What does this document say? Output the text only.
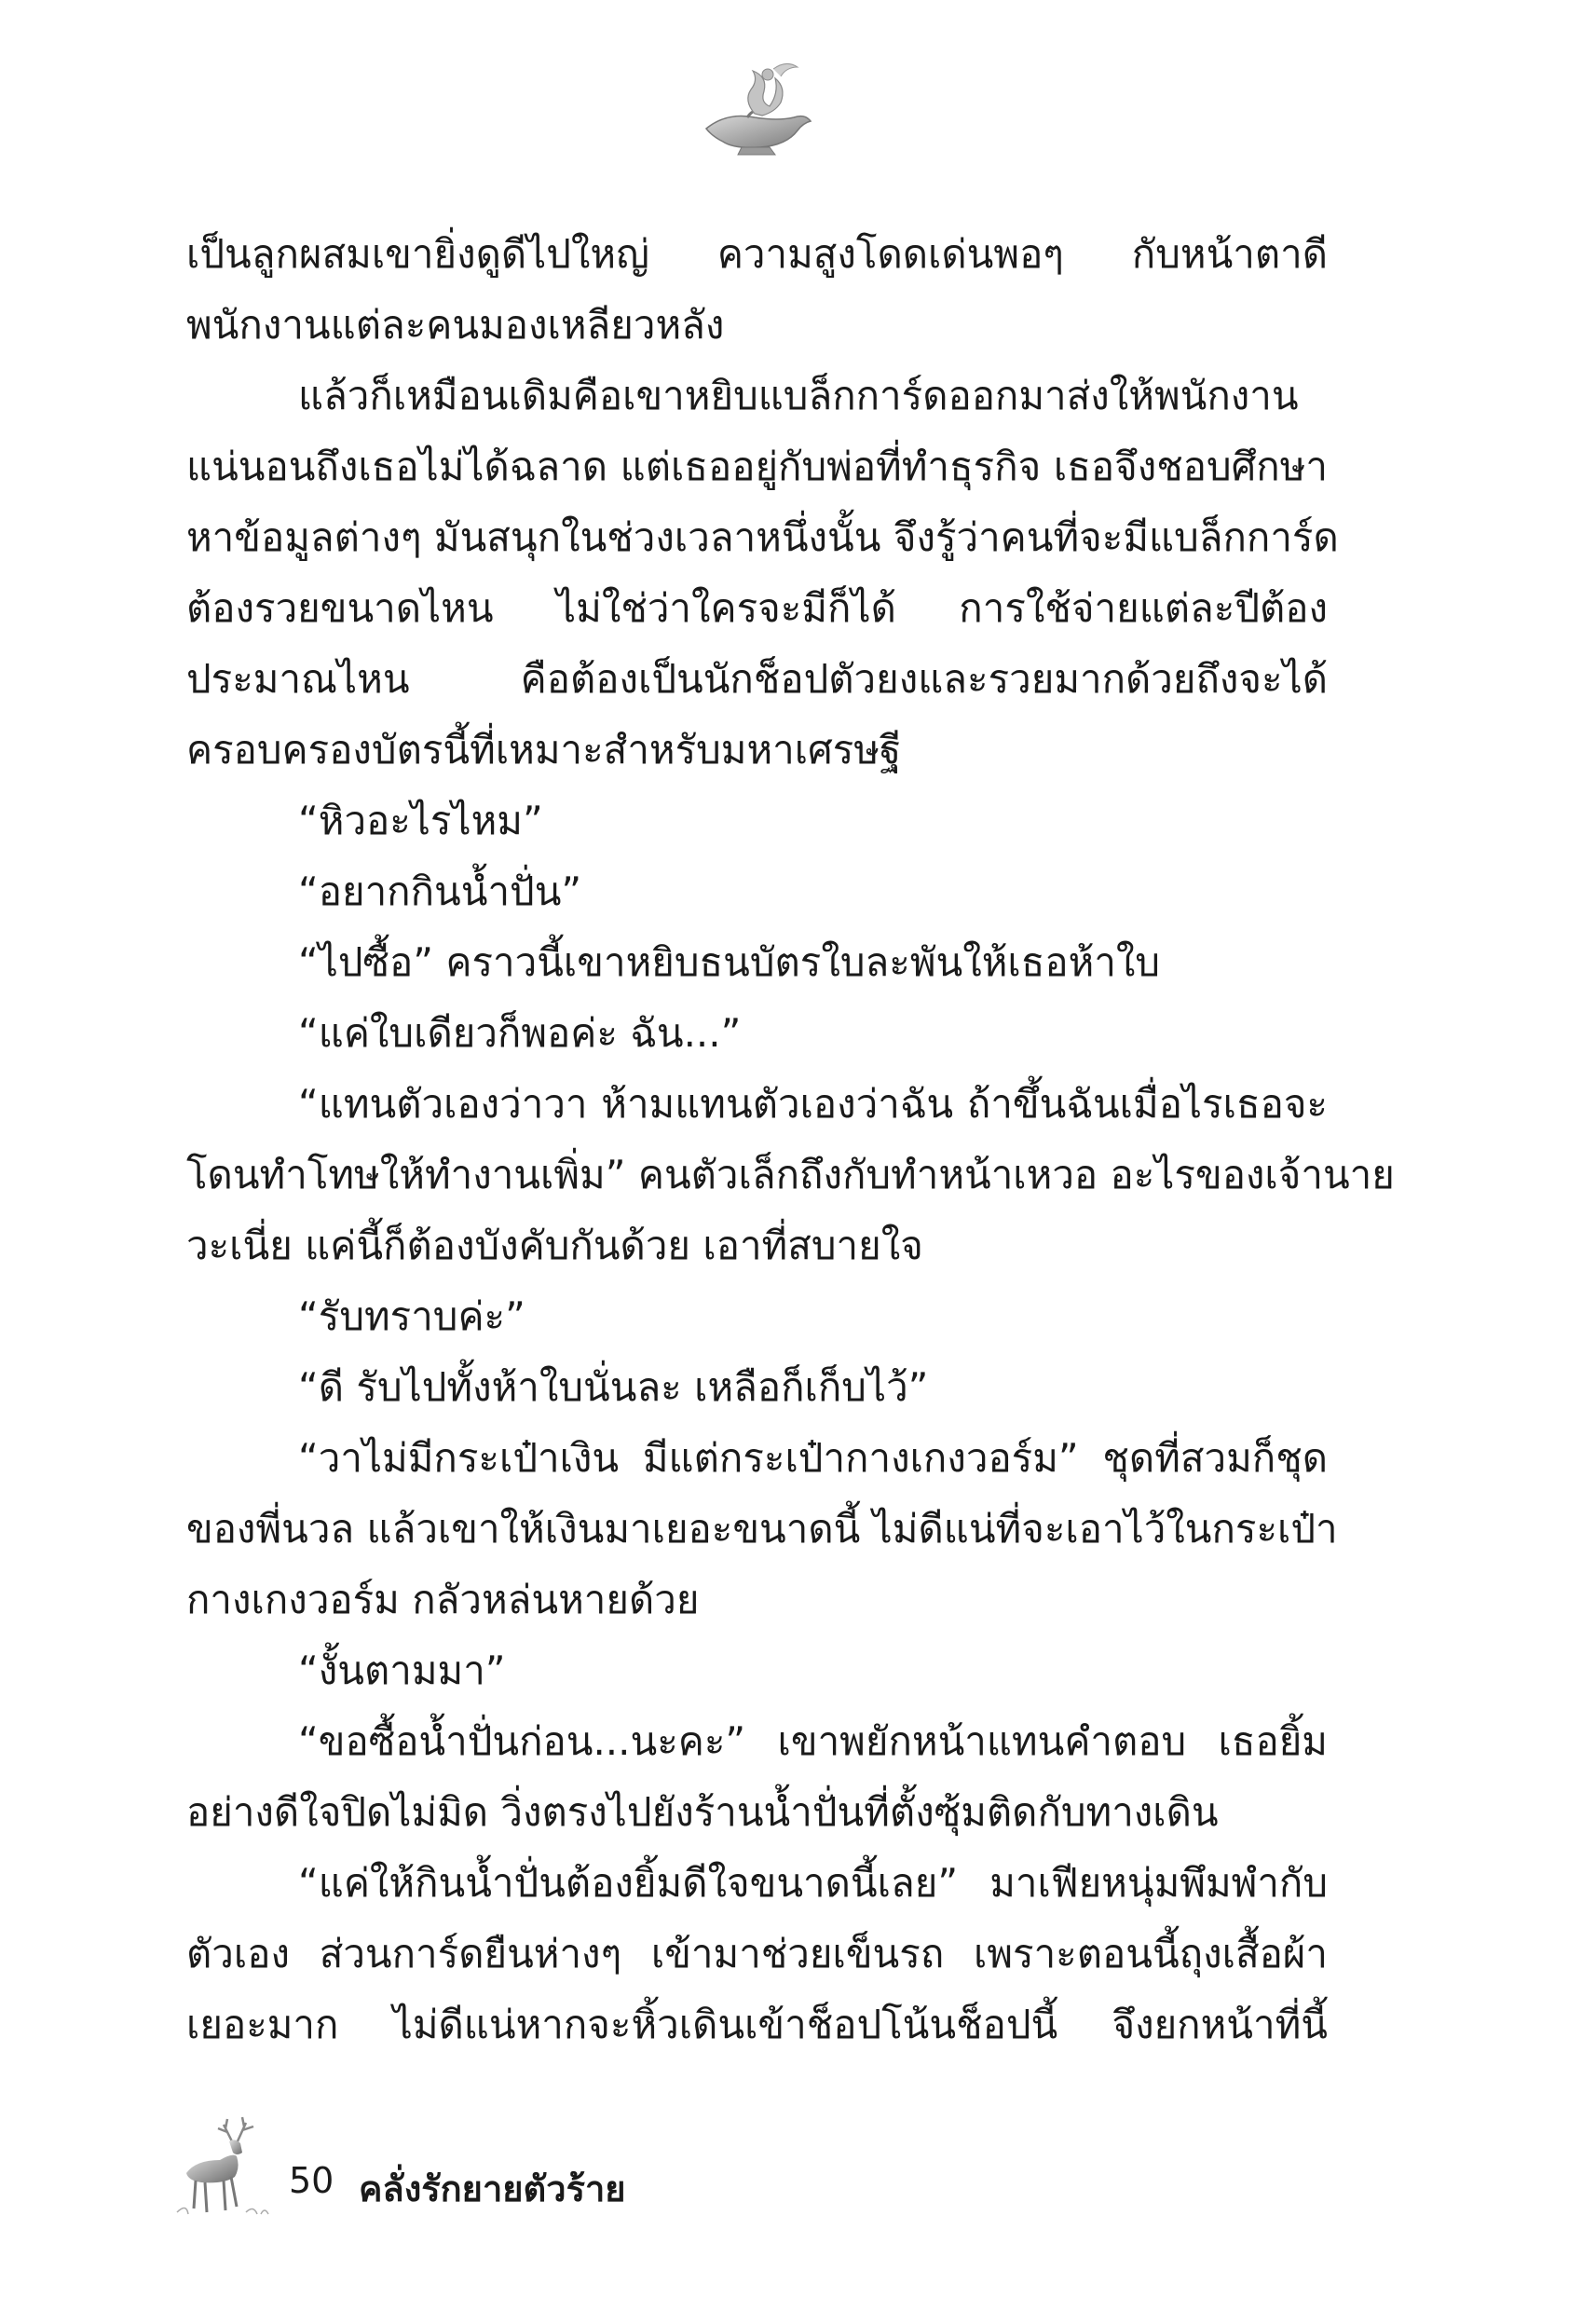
เป็นลูกผสมเขายิ่งดูดีไปใหญ่ ความสูงโดดเด่นพอๆ กับหน้าตาดี
พนักงานแต่ละคนมองเหลียวหลัง
แล้วก็เหมือนเดิมคือเขาหยิบแบล็กการ์ดออกมาส่งให้พนักงาน
แน่นอนถึงเธอไม่ได้ฉลาด แต่เธออยู่กับพ่อที่ทำธุรกิจ เธอจึงชอบศึกษา
หาข้อมูลต่างๆ มันสนุกในช่วงเวลาหนึ่งนั้น จึงรู้ว่าคนที่จะมีแบล็กการ์ด
ต้องรวยขนาดไหน ไม่ใช่ว่าใครจะมีก็ได้ การใช้จ่ายแต่ละปีต้อง
ประมาณไหน คือต้องเป็นนักช็อปตัวยงและรวยมากด้วยถึงจะได้
ครอบครองบัตรนี้ที่เหมาะสำหรับมหาเศรษฐี
“หิวอะไรไหม”
“อยากกินน้ำปั่น”
“ไปซื้อ” คราวนี้เขาหยิบธนบัตรใบละพันให้เธอห้าใบ
“แค่ใบเดียวก็พอค่ะ ฉัน...”
“แทนตัวเองว่าวา ห้ามแทนตัวเองว่าฉัน ถ้าขึ้นฉันเมื่อไรเธอจะ
โดนทำโทษให้ทำงานเพิ่ม” คนตัวเล็กถึงกับทำหน้าเหวอ อะไรของเจ้านาย
วะเนี่ย แค่นี้ก็ต้องบังคับกันด้วย เอาที่สบายใจ
“รับทราบค่ะ”
“ดี รับไปทั้งห้าใบนั่นละ เหลือก็เก็บไว้”
“วาไม่มีกระเป๋าเงิน มีแต่กระเป๋ากางเกงวอร์ม” ชุดที่สวมก็ชุด
ของพี่นวล แล้วเขาให้เงินมาเยอะขนาดนี้ ไม่ดีแน่ที่จะเอาไว้ในกระเป๋า
กางเกงวอร์ม กลัวหล่นหายด้วย
“งั้นตามมา”
“ขอซื้อน้ำปั่นก่อน...นะคะ” เขาพยักหน้าแทนคำตอบ เธอยิ้ม
อย่างดีใจปิดไม่มิด วิ่งตรงไปยังร้านน้ำปั่นที่ตั้งซุ้มติดกับทางเดิน
“แค่ให้กินน้ำปั่นต้องยิ้มดีใจขนาดนี้เลย” มาเฟียหนุ่มพึมพำกับ
ตัวเอง ส่วนการ์ดยืนห่างๆ เข้ามาช่วยเข็นรถ เพราะตอนนี้ถุงเสื้อผ้า
เยอะมาก ไม่ดีแน่หากจะหิ้วเดินเข้าช็อปโน้นช็อปนี้ จึงยกหน้าที่นี้
50 คลั่งรักยายตัวร้าย
